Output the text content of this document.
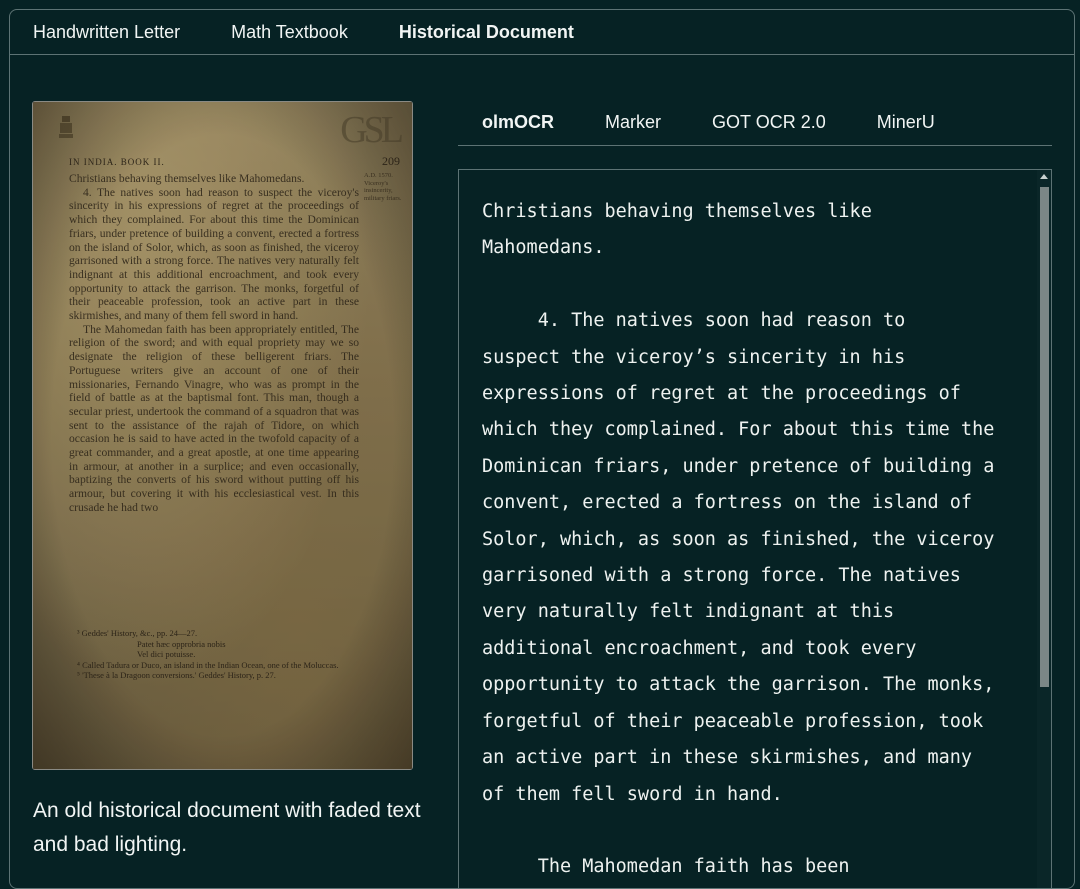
Handwritten Letter	Math Textbook	Historical Document
GSL
IN INDIA. BOOK II.	209
A.D. 1570. Viceroy's insincerity, military friars.

Christians behaving themselves like Mahomedans.

4. The natives soon had reason to suspect the viceroy's sincerity in his expressions of regret at the proceedings of which they complained. For about this time the Dominican friars, under pretence of building a convent, erected a fortress on the island of Solor, which, as soon as finished, the viceroy garrisoned with a strong force. The natives very naturally felt indignant at this additional encroachment, and took every opportunity to attack the garrison. The monks, forgetful of their peaceable profession, took an active part in these skirmishes, and many of them fell sword in hand.

The Mahomedan faith has been appropriately entitled, The religion of the sword; and with equal propriety may we so designate the religion of these belligerent friars. The Portuguese writers give an account of one of their missionaries, Fernando Vinagre, who was as prompt in the field of battle as at the baptismal font. This man, though a secular priest, undertook the command of a squadron that was sent to the assistance of the rajah of Tidore, on which occasion he is said to have acted in the twofold capacity of a great commander, and a great apostle, at one time appearing in armour, at another in a surplice; and even occasionally, baptizing the converts of his sword without putting off his armour, but covering it with his ecclesiastical vest. In this crusade he had two

³ Geddes' History, &c., pp. 24—27.
Patet hæc opprobria nobis
Vel dici potuisse.
⁴ Called Tadura or Duco, an island in the Indian Ocean, one of the Moluccas.
⁵ 'These à la Dragoon conversions.' Geddes' History, p. 27.
An old historical document with faded text and bad lighting.
olmOCR	Marker	GOT OCR 2.0	MinerU
Christians behaving themselves like
Mahomedans.

	4. The natives soon had reason to
suspect the viceroy’s sincerity in his
expressions of regret at the proceedings of
which they complained. For about this time the
Dominican friars, under pretence of building a
convent, erected a fortress on the island of
Solor, which, as soon as finished, the viceroy
garrisoned with a strong force. The natives
very naturally felt indignant at this
additional encroachment, and took every
opportunity to attack the garrison. The monks,
forgetful of their peaceable profession, took
an active part in these skirmishes, and many
of them fell sword in hand.

	The Mahomedan faith has been
